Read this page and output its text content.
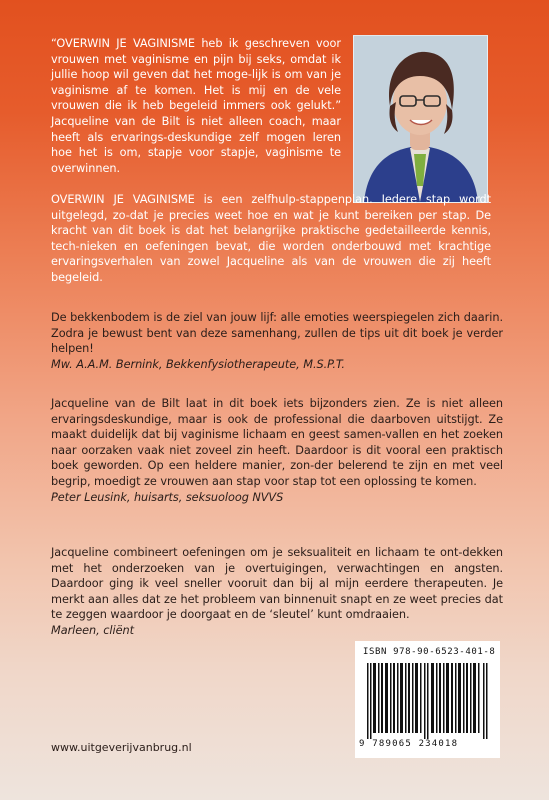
“OVERWIN JE VAGINISME heb ik geschreven voor vrouwen met vaginisme en pijn bij seks, omdat ik jullie hoop wil geven dat het moge-lijk is om van je vaginisme af te komen. Het is mij en de vele vrouwen die ik heb begeleid immers ook gelukt.” Jacqueline van de Bilt is niet alleen coach, maar heeft als ervarings-deskundige zelf mogen leren hoe het is om, stapje voor stapje, vaginisme te overwinnen.

OVERWIN JE VAGINISME is een zelfhulp-stappenplan. Iedere stap wordt uitgelegd, zo-dat je precies weet hoe en wat je kunt bereiken per stap. De kracht van dit boek is dat het belangrijke praktische gedetailleerde kennis, tech-nieken en oefeningen bevat, die worden onderbouwd met krachtige ervaringsverhalen van zowel Jacqueline als van de vrouwen die zij heeft begeleid.

De bekkenbodem is de ziel van jouw lijf: alle emoties weerspiegelen zich daarin. Zodra je bewust bent van deze samenhang, zullen de tips uit dit boek je verder helpen!
Mw. A.A.M. Bernink, Bekkenfysiotherapeute, M.S.P.T.

Jacqueline van de Bilt laat in dit boek iets bijzonders zien. Ze is niet alleen ervaringsdeskundige, maar is ook de professional die daarboven uitstijgt. Ze maakt duidelijk dat bij vaginisme lichaam en geest samen-vallen en het zoeken naar oorzaken vaak niet zoveel zin heeft. Daardoor is dit vooral een praktisch boek geworden. Op een heldere manier, zon-der belerend te zijn en met veel begrip, moedigt ze vrouwen aan stap voor stap tot een oplossing te komen.
Peter Leusink, huisarts, seksuoloog NVVS

Jacqueline combineert oefeningen om je seksualiteit en lichaam te ont-dekken met het onderzoeken van je overtuigingen, verwachtingen en angsten. Daardoor ging ik veel sneller vooruit dan bij al mijn eerdere therapeuten. Je merkt aan alles dat ze het probleem van binnenuit snapt en ze weet precies dat te zeggen waardoor je doorgaat en de ‘sleutel’ kunt omdraaien.
Marleen, cliënt

www.uitgeverijvanbrug.nl

ISBN 978-90-6523-401-8

9 789065 234018
